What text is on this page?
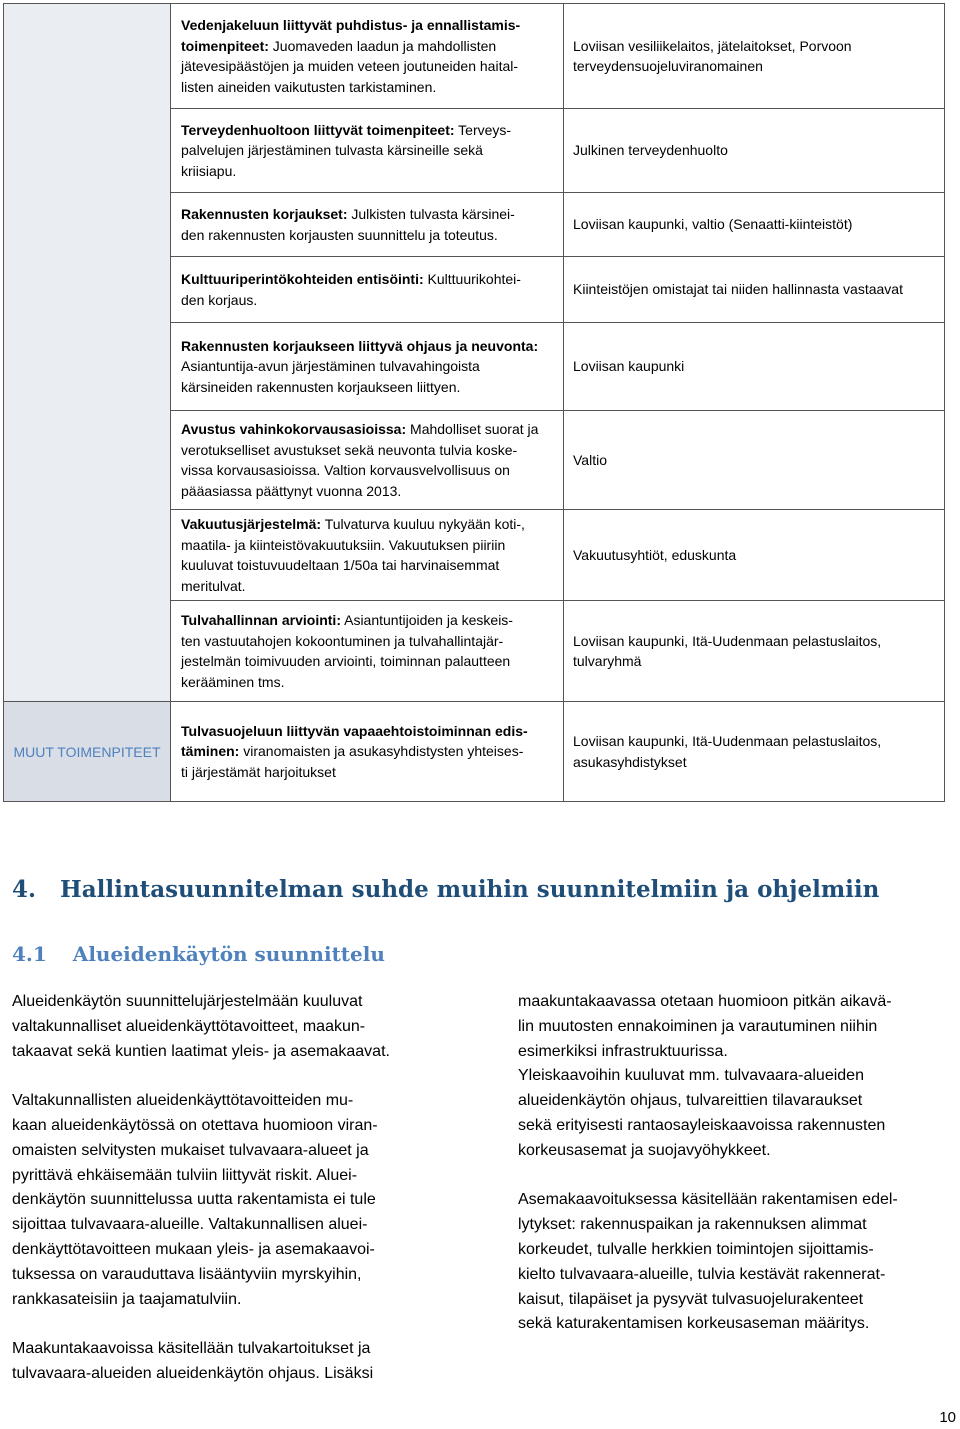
	Vedenjakeluun liittyvät puhdistus- ja ennallistamis-
toimenpiteet: Juomaveden laadun ja mahdollisten
jätevesipäästöjen ja muiden veteen joutuneiden haital-
listen aineiden vaikutusten tarkistaminen.	Loviisan vesiliikelaitos, jätelaitokset, Porvoon terveydensuojeluviranomainen

	Terveydenhuoltoon liittyvät toimenpiteet: Terveys-
palvelujen järjestäminen tulvasta kärsineille sekä
kriisiapu.	Julkinen terveydenhuolto

	Rakennusten korjaukset: Julkisten tulvasta kärsinei-
den rakennusten korjausten suunnittelu ja toteutus.	Loviisan kaupunki, valtio (Senaatti-kiinteistöt)

	Kulttuuriperintökohteiden entisöinti: Kulttuurikohtei-
den korjaus.	Kiinteistöjen omistajat tai niiden hallinnasta vastaavat

	Rakennusten korjaukseen liittyvä ohjaus ja neuvonta:
Asiantuntija-avun järjestäminen tulvavahingoista
kärsineiden rakennusten korjaukseen liittyen.	Loviisan kaupunki

	Avustus vahinkokorvausasioissa: Mahdolliset suorat ja
verotukselliset avustukset sekä neuvonta tulvia koske-
vissa korvausasioissa. Valtion korvausvelvollisuus on
pääasiassa päättynyt vuonna 2013.	Valtio

	Vakuutusjärjestelmä: Tulvaturva kuuluu nykyään koti-,
maatila- ja kiinteistövakuutuksiin. Vakuutuksen piiriin
kuuluvat toistuvuudeltaan 1/50a tai harvinaisemmat
meritulvat.	Vakuutusyhtiöt, eduskunta

	Tulvahallinnan arviointi: Asiantuntijoiden ja keskeis-
ten vastuutahojen kokoontuminen ja tulvahallintajär-
jestelmän toimivuuden arviointi, toiminnan palautteen
kerääminen tms.	Loviisan kaupunki, Itä-Uudenmaan pelastuslaitos, tulvaryhmä
MUUT TOIMENPITEET	Tulvasuojeluun liittyvän vapaaehtoistoiminnan edis-
täminen: viranomaisten ja asukasyhdistysten yhteises-
ti järjestämät harjoitukset	Loviisan kaupunki, Itä-Uudenmaan pelastuslaitos, asukasyhdistykset
4. Hallintasuunnitelman suhde muihin suunnitelmiin ja ohjelmiin
4.1 Alueidenkäytön suunnittelu

Alueidenkäytön suunnittelujärjestelmään kuuluvat
valtakunnalliset alueidenkäyttötavoitteet, maakun-
takaavat sekä kuntien laatimat yleis- ja asemakaavat.

Valtakunnallisten alueidenkäyttötavoitteiden mu-
kaan alueidenkäytössä on otettava huomioon viran-
omaisten selvitysten mukaiset tulvavaara-alueet ja
pyrittävä ehkäisemään tulviin liittyvät riskit. Aluei-
denkäytön suunnittelussa uutta rakentamista ei tule
sijoittaa tulvavaara-alueille. Valtakunnallisen aluei-
denkäyttötavoitteen mukaan yleis- ja asemakaavoi-
tuksessa on varauduttava lisääntyviin myrskyihin,
rankkasateisiin ja taajamatulviin.

Maakuntakaavoissa käsitellään tulvakartoitukset ja
tulvavaara-alueiden alueidenkäytön ohjaus. Lisäksi

maakuntakaavassa otetaan huomioon pitkän aikavä-
lin muutosten ennakoiminen ja varautuminen niihin
esimerkiksi infrastruktuurissa.
Yleiskaavoihin kuuluvat mm. tulvavaara-alueiden
alueidenkäytön ohjaus, tulvareittien tilavaraukset
sekä erityisesti rantaosayleiskaavoissa rakennusten
korkeusasemat ja suojavyöhykkeet.

Asemakaavoituksessa käsitellään rakentamisen edel-
lytykset: rakennuspaikan ja rakennuksen alimmat
korkeudet, tulvalle herkkien toimintojen sijoittamis-
kielto tulvavaara-alueille, tulvia kestävät rakennerat-
kaisut, tilapäiset ja pysyvät tulvasuojelurakenteet
sekä katurakentamisen korkeusaseman määritys.

10
